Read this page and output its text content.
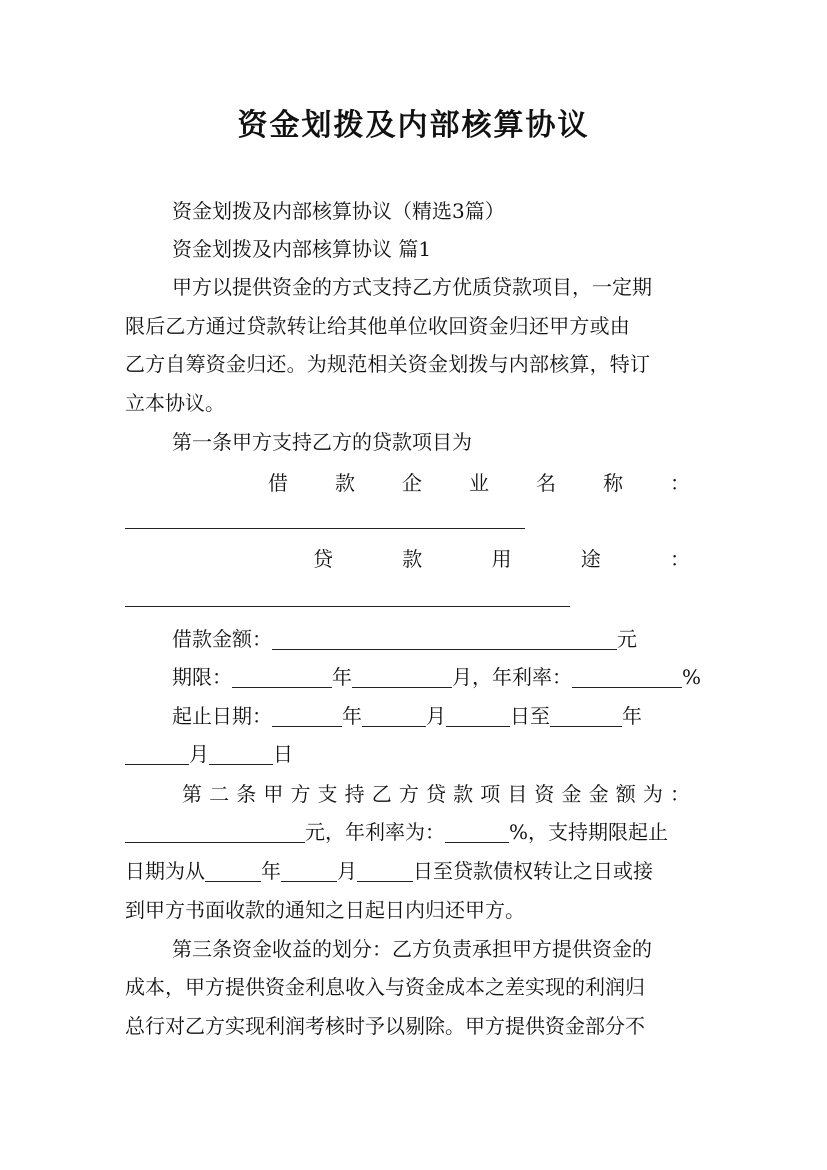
资金划拨及内部核算协议
资金划拨及内部核算协议（精选3篇）
资金划拨及内部核算协议 篇1
甲方以提供资金的方式支持乙方优质贷款项目，一定期
限后乙方通过贷款转让给其他单位收回资金归还甲方或由
乙方自筹资金归还。为规范相关资金划拨与内部核算，特订
立本协议。
第一条甲方支持乙方的贷款项目为
借 款 企 业 名 称 ：
贷	款	用	途	：
借款金额：	元
期限：	年	月，年利率：	%
起止日期：	年	月	日至	年
月	日
第 二 条 甲 方 支 持 乙 方 贷 款 项 目 资 金 金 额 为 ：
元，年利率为：	%，支持期限起止
日期为从	年	月	日至贷款债权转让之日或接
到甲方书面收款的通知之日起日内归还甲方。
第三条资金收益的划分：乙方负责承担甲方提供资金的
成本，甲方提供资金利息收入与资金成本之差实现的利润归
总行对乙方实现利润考核时予以剔除。甲方提供资金部分不
